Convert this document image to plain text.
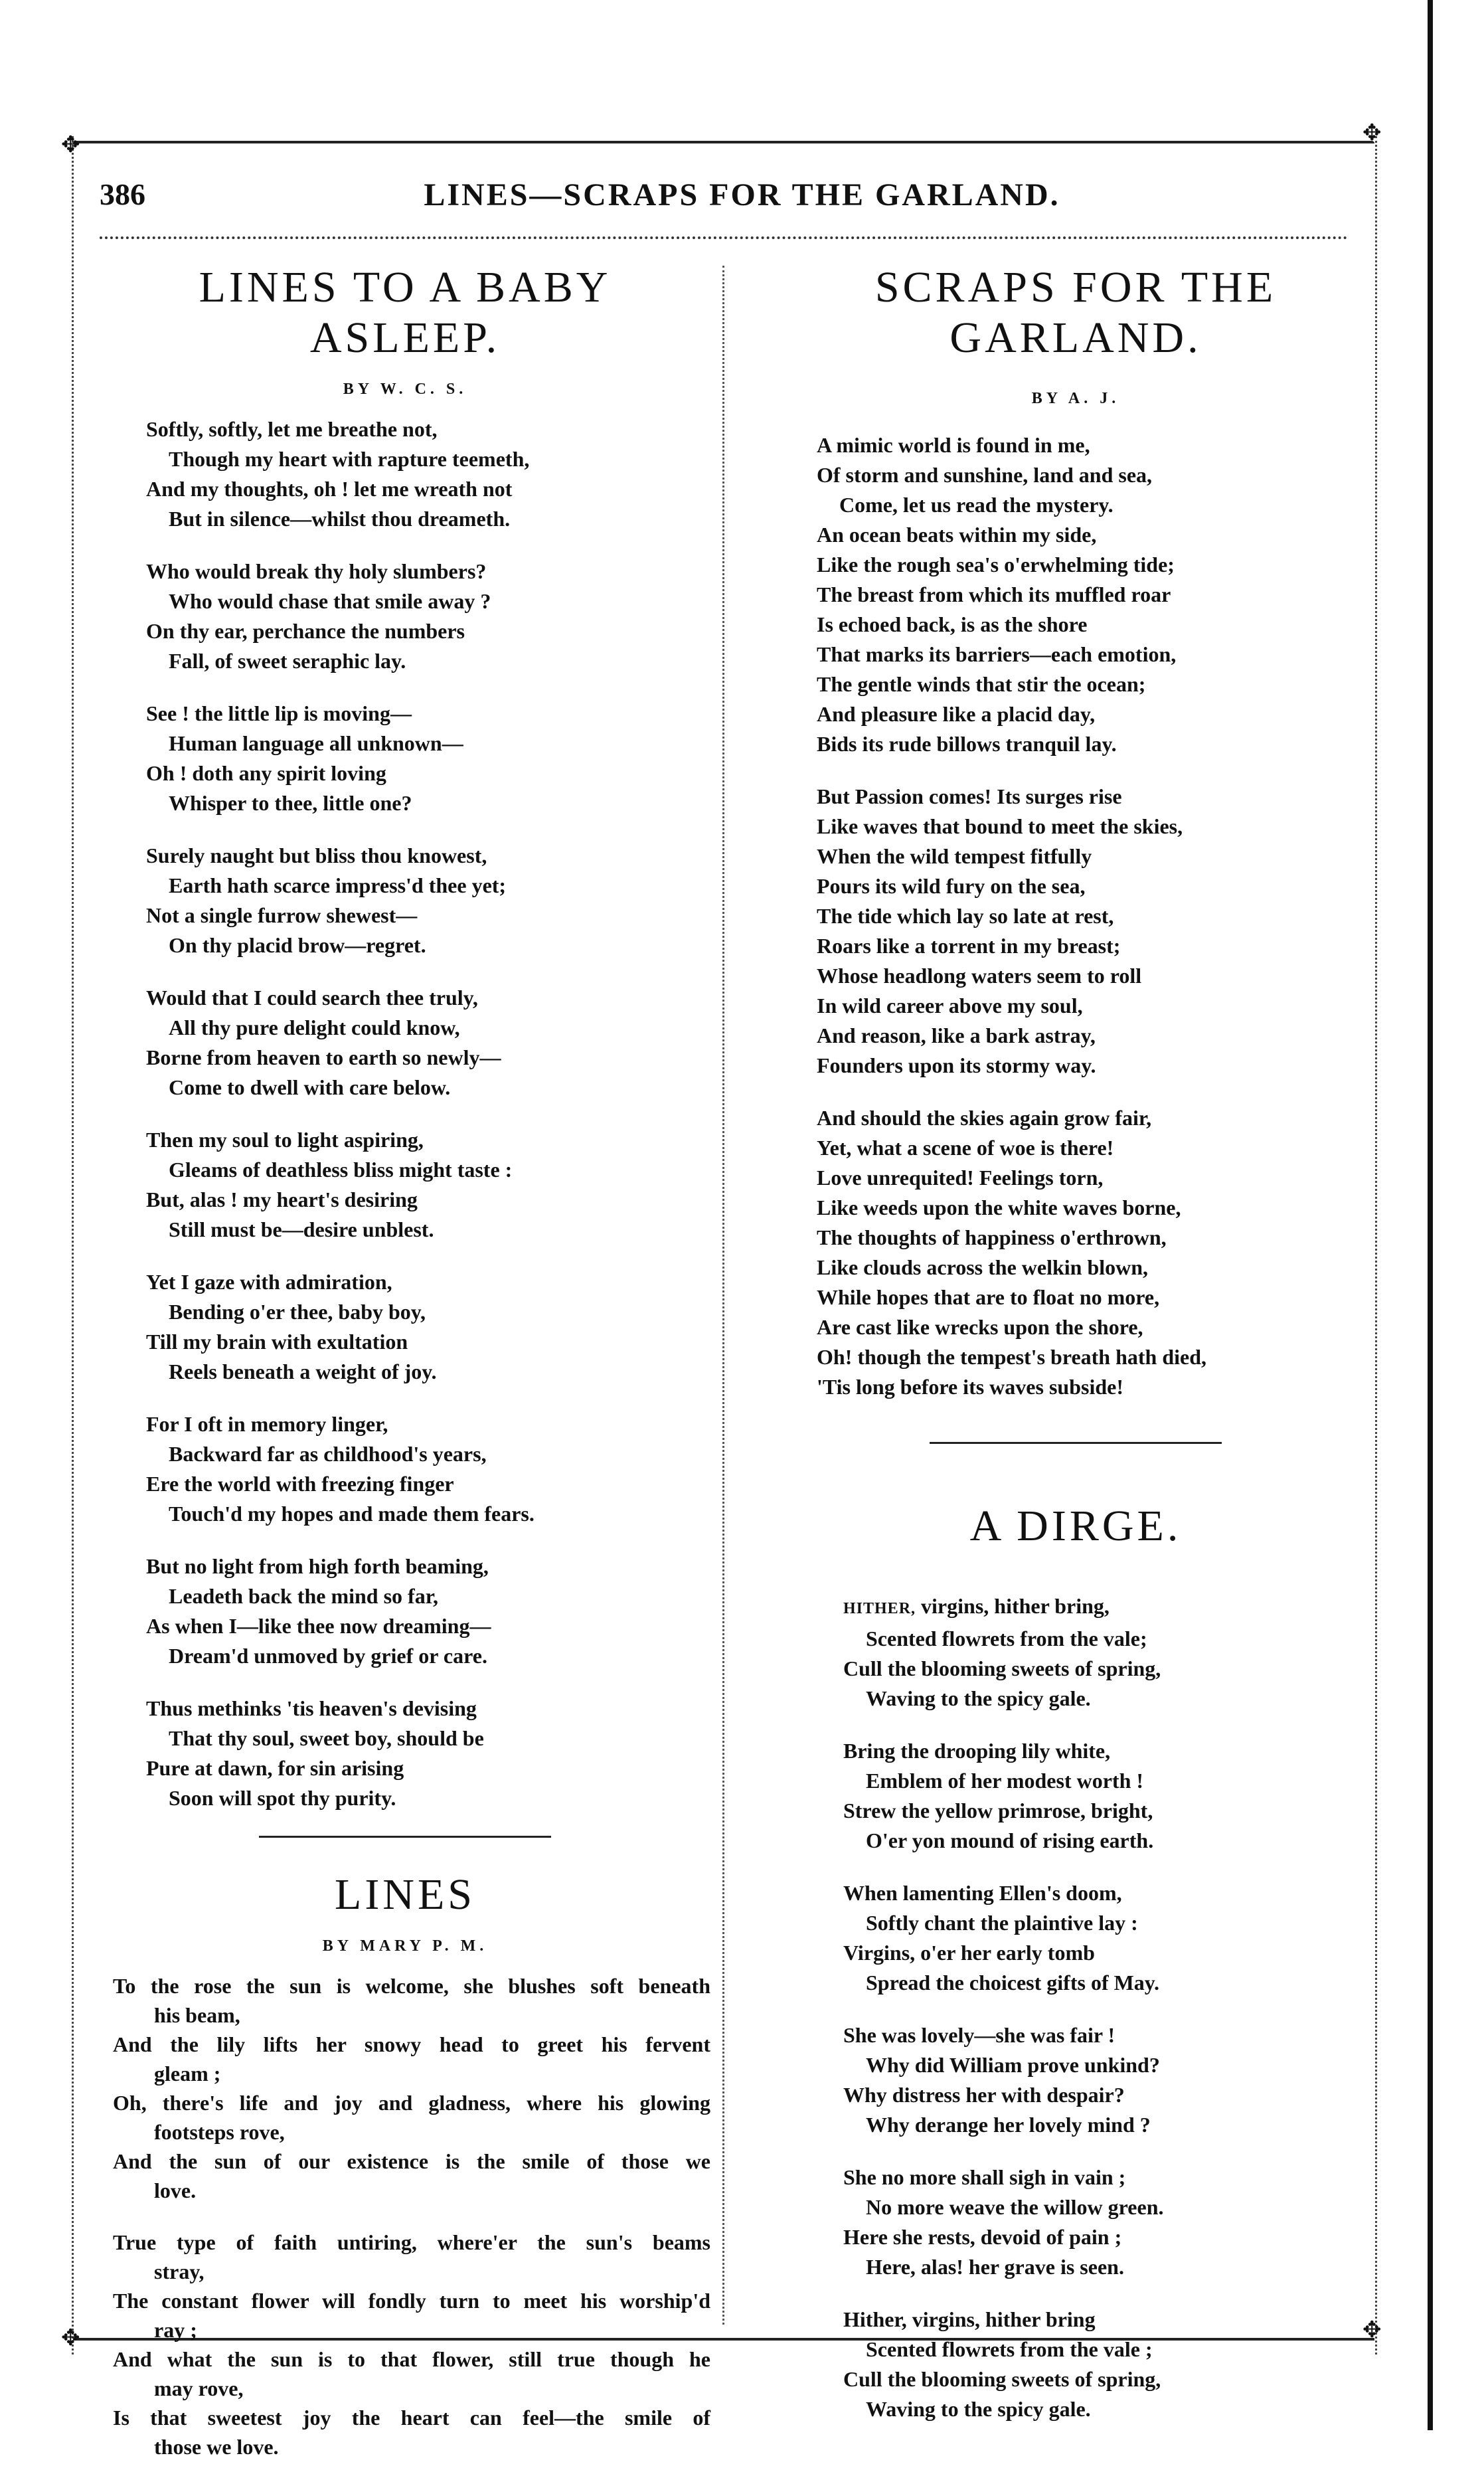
✥	✥
✥	✥
386	LINES—SCRAPS FOR THE GARLAND.
LINES TO A BABY ASLEEP.
BY W. C. S.
Softly, softly, let me breathe not,
Though my heart with rapture teemeth,
And my thoughts, oh ! let me wreath not
But in silence—whilst thou dreameth.
Who would break thy holy slumbers?
Who would chase that smile away ?
On thy ear, perchance the numbers
Fall, of sweet seraphic lay.
See ! the little lip is moving—
Human language all unknown—
Oh ! doth any spirit loving
Whisper to thee, little one?
Surely naught but bliss thou knowest,
Earth hath scarce impress'd thee yet;
Not a single furrow shewest—
On thy placid brow—regret.
Would that I could search thee truly,
All thy pure delight could know,
Borne from heaven to earth so newly—
Come to dwell with care below.
Then my soul to light aspiring,
Gleams of deathless bliss might taste :
But, alas ! my heart's desiring
Still must be—desire unblest.
Yet I gaze with admiration,
Bending o'er thee, baby boy,
Till my brain with exultation
Reels beneath a weight of joy.
For I oft in memory linger,
Backward far as childhood's years,
Ere the world with freezing finger
Touch'd my hopes and made them fears.
But no light from high forth beaming,
Leadeth back the mind so far,
As when I—like thee now dreaming—
Dream'd unmoved by grief or care.
Thus methinks 'tis heaven's devising
That thy soul, sweet boy, should be
Pure at dawn, for sin arising
Soon will spot thy purity.
LINES
BY MARY P. M.
To the rose the sun is welcome, she blushes soft beneath
his beam,
And the lily lifts her snowy head to greet his fervent
gleam ;
Oh, there's life and joy and gladness, where his glowing
footsteps rove,
And the sun of our existence is the smile of those we
love.
True type of faith untiring, where'er the sun's beams
stray,
The constant flower will fondly turn to meet his worship'd
ray ;
And what the sun is to that flower, still true though he
may rove,
Is that sweetest joy the heart can feel—the smile of
those we love.
SCRAPS FOR THE GARLAND.
BY A. J.
A mimic world is found in me,
Of storm and sunshine, land and sea,
Come, let us read the mystery.
An ocean beats within my side,
Like the rough sea's o'erwhelming tide;
The breast from which its muffled roar
Is echoed back, is as the shore
That marks its barriers—each emotion,
The gentle winds that stir the ocean;
And pleasure like a placid day,
Bids its rude billows tranquil lay.
But Passion comes! Its surges rise
Like waves that bound to meet the skies,
When the wild tempest fitfully
Pours its wild fury on the sea,
The tide which lay so late at rest,
Roars like a torrent in my breast;
Whose headlong waters seem to roll
In wild career above my soul,
And reason, like a bark astray,
Founders upon its stormy way.
And should the skies again grow fair,
Yet, what a scene of woe is there!
Love unrequited! Feelings torn,
Like weeds upon the white waves borne,
The thoughts of happiness o'erthrown,
Like clouds across the welkin blown,
While hopes that are to float no more,
Are cast like wrecks upon the shore,
Oh! though the tempest's breath hath died,
'Tis long before its waves subside!
A DIRGE.
HITHER, virgins, hither bring,
Scented flowrets from the vale;
Cull the blooming sweets of spring,
Waving to the spicy gale.
Bring the drooping lily white,
Emblem of her modest worth !
Strew the yellow primrose, bright,
O'er yon mound of rising earth.
When lamenting Ellen's doom,
Softly chant the plaintive lay :
Virgins, o'er her early tomb
Spread the choicest gifts of May.
She was lovely—she was fair !
Why did William prove unkind?
Why distress her with despair?
Why derange her lovely mind ?
She no more shall sigh in vain ;
No more weave the willow green.
Here she rests, devoid of pain ;
Here, alas! her grave is seen.
Hither, virgins, hither bring
Scented flowrets from the vale ;
Cull the blooming sweets of spring,
Waving to the spicy gale.
